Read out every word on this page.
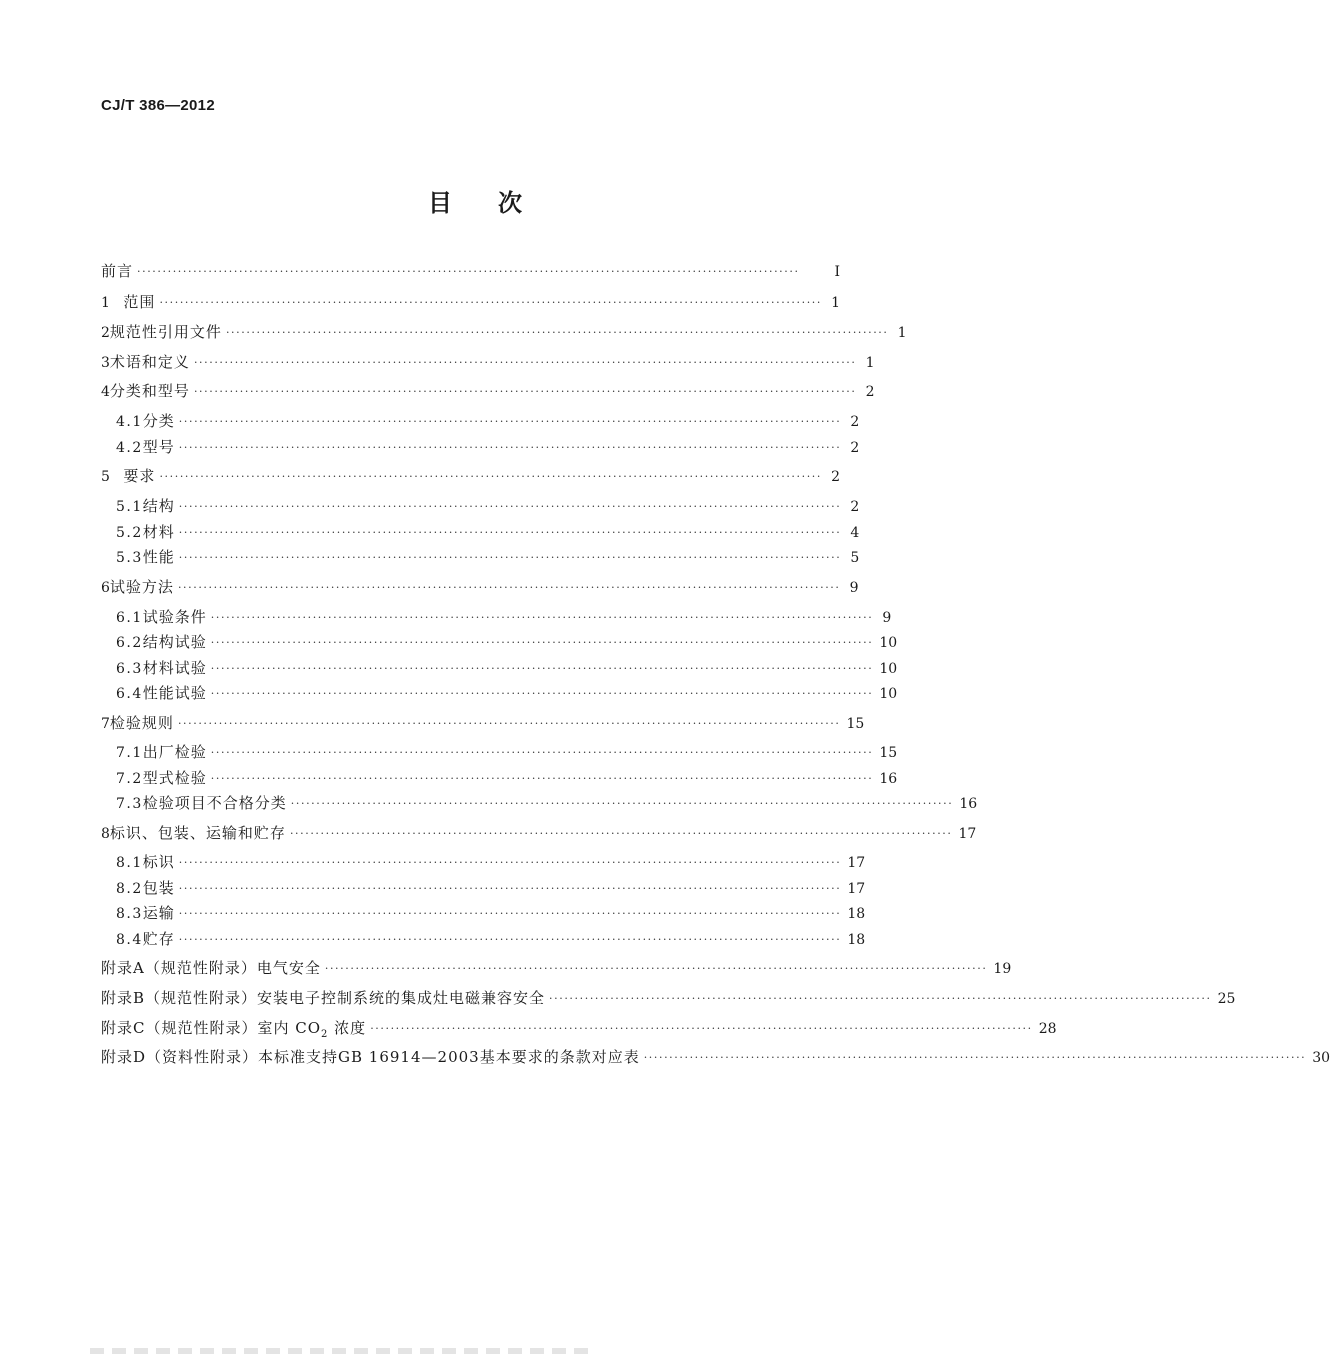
CJ/T 386—2012
目次
前言 ··································································································································	Ⅰ
1 范围 ·································································································································· 1
2 规范性引用文件 ·································································································································· 1
3 术语和定义 ·································································································································· 1
4 分类和型号 ·································································································································· 2
4.1 分类 ·································································································································· 2
4.2 型号 ·································································································································· 2
5 要求 ·································································································································· 2
5.1 结构 ·································································································································· 2
5.2 材料 ·································································································································· 4
5.3 性能 ·································································································································· 5
6 试验方法 ·································································································································· 9
6.1 试验条件 ·································································································································· 9
6.2 结构试验 ·································································································································· 10
6.3 材料试验 ·································································································································· 10
6.4 性能试验 ·································································································································· 10
7 检验规则 ·································································································································· 15
7.1 出厂检验 ·································································································································· 15
7.2 型式检验 ·································································································································· 16
7.3 检验项目不合格分类 ·································································································································· 16
8 标识、包装、运输和贮存 ·································································································································· 17
8.1 标识 ·································································································································· 17
8.2 包装 ·································································································································· 17
8.3 运输 ·································································································································· 18
8.4 贮存 ·································································································································· 18
附录A（规范性附录） 电气安全 ·································································································································· 19
附录B（规范性附录） 安装电子控制系统的集成灶电磁兼容安全 ·································································································································· 25
附录C（规范性附录） 室内 $CO_2$ 浓度 ·································································································································· 28
附录D（资料性附录） 本标准支持GB 16914—2003基本要求的条款对应表 ·································································································································· 30
